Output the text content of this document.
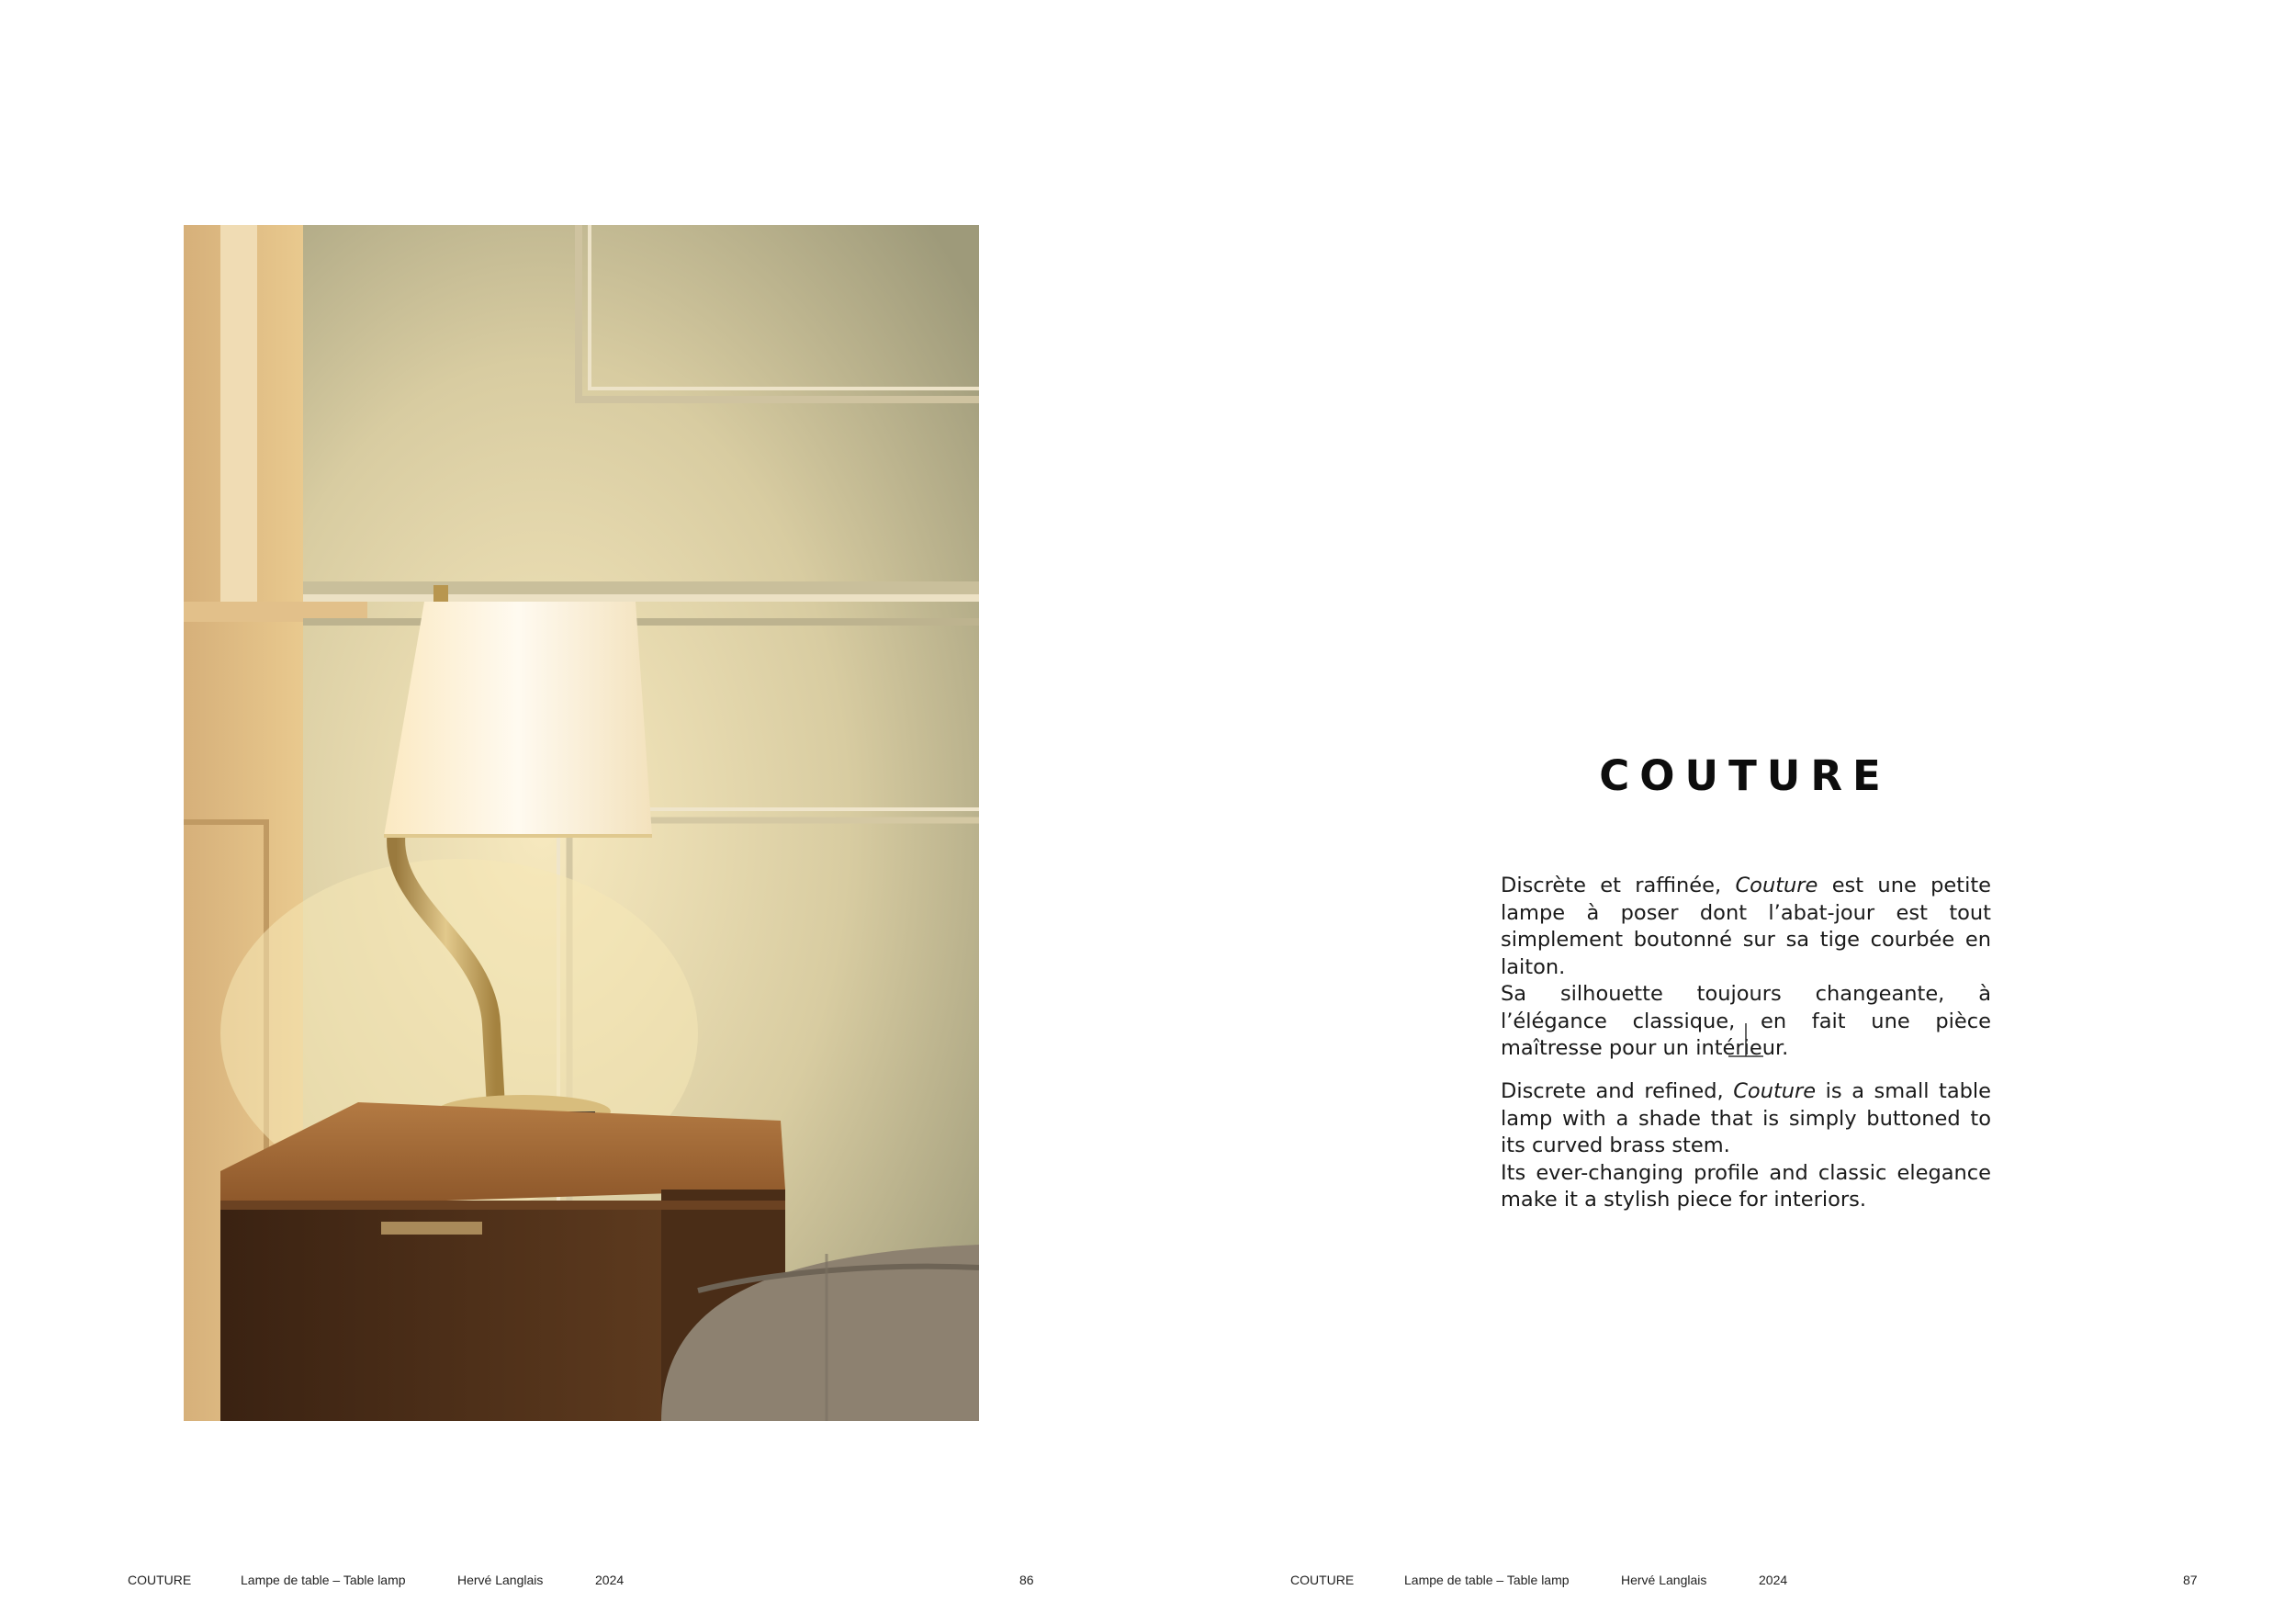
COUTURE

Discrète et raffinée, Couture est une petite lampe à poser dont l’abat-jour est tout simplement boutonné sur sa tige courbée en laiton.

Sa silhouette toujours changeante, à l’élégance classique, en fait une pièce maîtresse pour un intérieur.

Discrete and refined, Couture is a small table lamp with a shade that is simply buttoned to its curved brass stem.

Its ever-changing profile and classic elegance make it a stylish piece for interiors.

COUTURE	Lampe de table – Table lamp	Hervé Langlais	2024	86	COUTURE	Lampe de table – Table lamp	Hervé Langlais	2024	87
